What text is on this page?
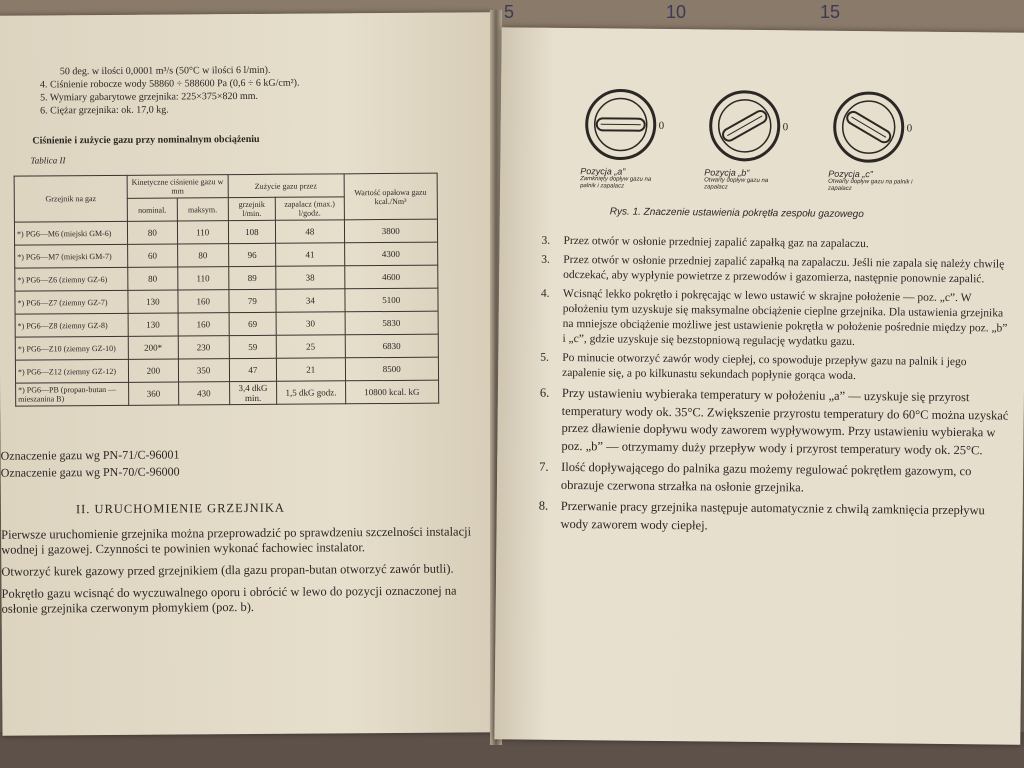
5	10	15
50 deg. w ilości 0,0001 m³/s (50°C w ilości 6 l/min).
4. Ciśnienie robocze wody 58860 ÷ 588600 Pa (0,6 ÷ 6 kG/cm²).
5. Wymiary gabarytowe grzejnika: 225×375×820 mm.
6. Ciężar grzejnika: ok. 17,0 kg.
Ciśnienie i zużycie gazu przy nominalnym obciążeniu
Tablica II
Grzejnik na gaz	Kinetyczne ciśnienie gazu w mm		Zużycie gazu przez		Wartość opałowa gazu kcal./Nm³
	nominal.	maksym.	grzejnik l/min.	zapalacz (max.) l/godz.	
*) PG6—M6 (miejski GM-6)	80	110	108	48	3800
*) PG6—M7 (miejski GM-7)	60	80	96	41	4300
*) PG6—Z6 (ziemny GZ-6)	80	110	89	38	4600
*) PG6—Z7 (ziemny GZ-7)	130	160	79	34	5100
*) PG6—Z8 (ziemny GZ-8)	130	160	69	30	5830
*) PG6—Z10 (ziemny GZ-10)	200*	230	59	25	6830
*) PG6—Z12 (ziemny GZ-12)	200	350	47	21	8500
*) PG6—PB (propan-butan — mieszanina B)	360	430	3,4 dkG min.	1,5 dkG godz.	10800 kcal. kG
Oznaczenie gazu wg PN-71/C-96001
Oznaczenie gazu wg PN-70/C-96000
II. URUCHOMIENIE GRZEJNIKA

Pierwsze uruchomienie grzejnika można przeprowadzić po sprawdzeniu szczelności instalacji wodnej i gazowej. Czynności te powinien wykonać fachowiec instalator.

Otworzyć kurek gazowy przed grzejnikiem (dla gazu propan-butan otworzyć zawór butli).

Pokrętło gazu wcisnąć do wyczuwalnego oporu i obrócić w lewo do pozycji oznaczonej na osłonie grzejnika czerwonym płomykiem (poz. b).

0
Pozycja „a”
Zamknięty dopływ gazu na palnik i zapalacz
0
Pozycja „b”
Otwarty dopływ gazu na zapalacz
0
Pozycja „c”
Otwarty dopływ gazu na palnik i zapalacz
Rys. 1. Znaczenie ustawienia pokrętła zespołu gazowego
3.	Przez otwór w osłonie przedniej zapalić zapałką gaz na zapalaczu.
3.	Przez otwór w osłonie przedniej zapalić zapałką na zapalaczu. Jeśli nie zapala się należy chwilę odczekać, aby wypłynie powietrze z przewodów i gazomierza, następnie ponownie zapalić.
4.	Wcisnąć lekko pokrętło i pokręcając w lewo ustawić w skrajne położenie — poz. „c”. W położeniu tym uzyskuje się maksymalne obciążenie cieplne grzejnika. Dla ustawienia grzejnika na mniejsze obciążenie możliwe jest ustawienie pokrętła w położenie pośrednie między poz. „b” i „c”, gdzie uzyskuje się bezstopniową regulację wydatku gazu.
5.	Po minucie otworzyć zawór wody ciepłej, co spowoduje przepływ gazu na palnik i jego zapalenie się, a po kilkunastu sekundach popłynie gorąca woda.
6. Przy ustawieniu wybieraka temperatury w położeniu „a” — uzyskuje się przyrost temperatury wody ok. 35°C. Zwiększenie przyrostu temperatury do 60°C można uzyskać przez dławienie dopływu wody zaworem wypływowym. Przy ustawieniu wybieraka w poz. „b” — otrzymamy duży przepływ wody i przyrost temperatury wody ok. 25°C.
7. Ilość dopływającego do palnika gazu możemy regulować pokrętłem gazowym, co obrazuje czerwona strzałka na osłonie grzejnika.
8. Przerwanie pracy grzejnika następuje automatycznie z chwilą zamknięcia przepływu wody zaworem wody ciepłej.
